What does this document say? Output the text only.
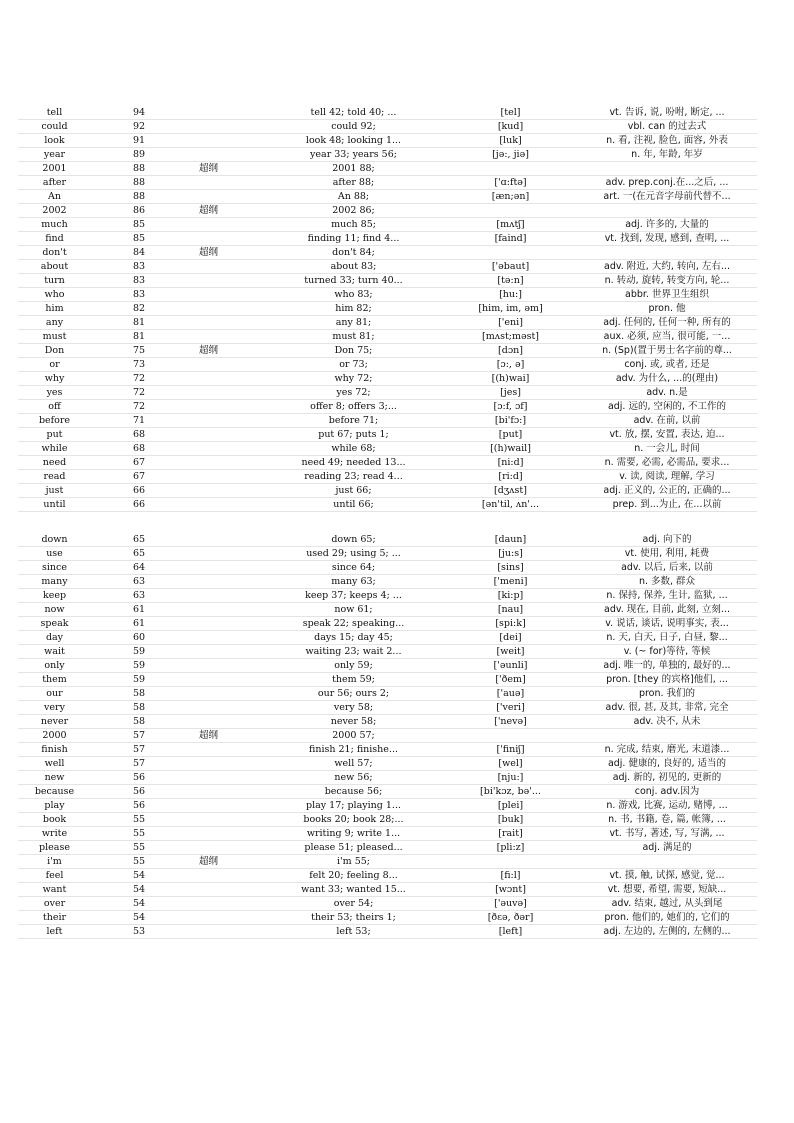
tell	94		tell 42; told 40; ...	[tel]	vt. 告诉, 说, 吩咐, 断定, ...
could	92		could 92;	[kud]	vbl. can 的过去式
look	91		look 48; looking 1...	[luk]	n. 看, 注视, 脸色, 面容, 外表
year	89		year 33; years 56;	[jə:, jiə]	n. 年, 年龄, 年岁
2001	88	超纲	2001 88;		
after	88		after 88;	['ɑ:ftə]	adv. prep.conj.在...之后, ...
An	88		An 88;	[æn;ən]	art. 一(在元音字母前代替不...
2002	86	超纲	2002 86;		
much	85		much 85;	[mʌtʃ]	adj. 许多的, 大量的
find	85		finding 11; find 4...	[faind]	vt. 找到, 发现, 感到, 查明, ...
don't	84	超纲	don't 84;		
about	83		about 83;	['əbaut]	adv. 附近, 大约, 转向, 左右...
turn	83		turned 33; turn 40...	[tə:n]	n. 转动, 旋转, 转变方向, 轮...
who	83		who 83;	[hu:]	abbr. 世界卫生组织
him	82		him 82;	[him, im, əm]	pron. 他
any	81		any 81;	['eni]	adj. 任何的, 任何一种, 所有的
must	81		must 81;	[mʌst;məst]	aux. 必须, 应当, 很可能, 一...
Don	75	超纲	Don 75;	[dɔn]	n. (Sp)(置于男士名字前的尊...
or	73		or 73;	[ɔ:, ə]	conj. 或, 或者, 还是
why	72		why 72;	[(h)wai]	adv. 为什么, ...的(理由)
yes	72		yes 72;	[jes]	adv. n.是
off	72		offer 8; offers 3;...	[ɔ:f, ɔf]	adj. 远的, 空闲的, 不工作的
before	71		before 71;	[bi'fɔ:]	adv. 在前, 以前
put	68		put 67; puts 1;	[put]	vt. 放, 摆, 安置, 表达, 迫...
while	68		while 68;	[(h)wail]	n. 一会儿, 时间
need	67		need 49; needed 13...	[ni:d]	n. 需要, 必需, 必需品, 要求...
read	67		reading 23; read 4...	[ri:d]	v. 读, 阅读, 理解, 学习
just	66		just 66;	[dʒʌst]	adj. 正义的, 公正的, 正确的...
until	66		until 66;	[ən'til, ʌn'...	prep. 到...为止, 在...以前

down	65		down 65;	[daun]	adj. 向下的
use	65		used 29; using 5; ...	[ju:s]	vt. 使用, 利用, 耗费
since	64		since 64;	[sins]	adv. 以后, 后来, 以前
many	63		many 63;	['meni]	n. 多数, 群众
keep	63		keep 37; keeps 4; ...	[ki:p]	n. 保持, 保养, 生计, 监狱, ...
now	61		now 61;	[nau]	adv. 现在, 目前, 此刻, 立刻...
speak	61		speak 22; speaking...	[spi:k]	v. 说话, 谈话, 说明事实, 表...
day	60		days 15; day 45;	[dei]	n. 天, 白天, 日子, 白昼, 黎...
wait	59		waiting 23; wait 2...	[weit]	v. (~ for)等待, 等候
only	59		only 59;	['əunli]	adj. 唯一的, 单独的, 最好的...
them	59		them 59;	['ðem]	pron. [they 的宾格]他们, ...
our	58		our 56; ours 2;	['auə]	pron. 我们的
very	58		very 58;	['veri]	adv. 很, 甚, 及其, 非常, 完全
never	58		never 58;	['nevə]	adv. 决不, 从未
2000	57	超纲	2000 57;		
finish	57		finish 21; finishe...	['finiʃ]	n. 完成, 结束, 磨光, 末道漆...
well	57		well 57;	[wel]	adj. 健康的, 良好的, 适当的
new	56		new 56;	[nju:]	adj. 新的, 初见的, 更新的
because	56		because 56;	[bi'kɔz, bə'...	conj. adv.因为
play	56		play 17; playing 1...	[plei]	n. 游戏, 比赛, 运动, 赌博, ...
book	55		books 20; book 28;...	[buk]	n. 书, 书籍, 卷, 篇, 帐簿, ...
write	55		writing 9; write 1...	[rait]	vt. 书写, 著述, 写, 写满, ...
please	55		please 51; pleased...	[pli:z]	adj. 满足的
i'm	55	超纲	i'm 55;		
feel	54		felt 20; feeling 8...	[fi:l]	vt. 摸, 触, 试探, 感觉, 觉...
want	54		want 33; wanted 15...	[wɔnt]	vt. 想要, 希望, 需要, 短缺...
over	54		over 54;	['əuvə]	adv. 结束, 越过, 从头到尾
their	54		their 53; theirs 1;	[ðεə, ðər]	pron. 他们的, 她们的, 它们的
left	53		left 53;	[left]	adj. 左边的, 左侧的, 左侧的...
